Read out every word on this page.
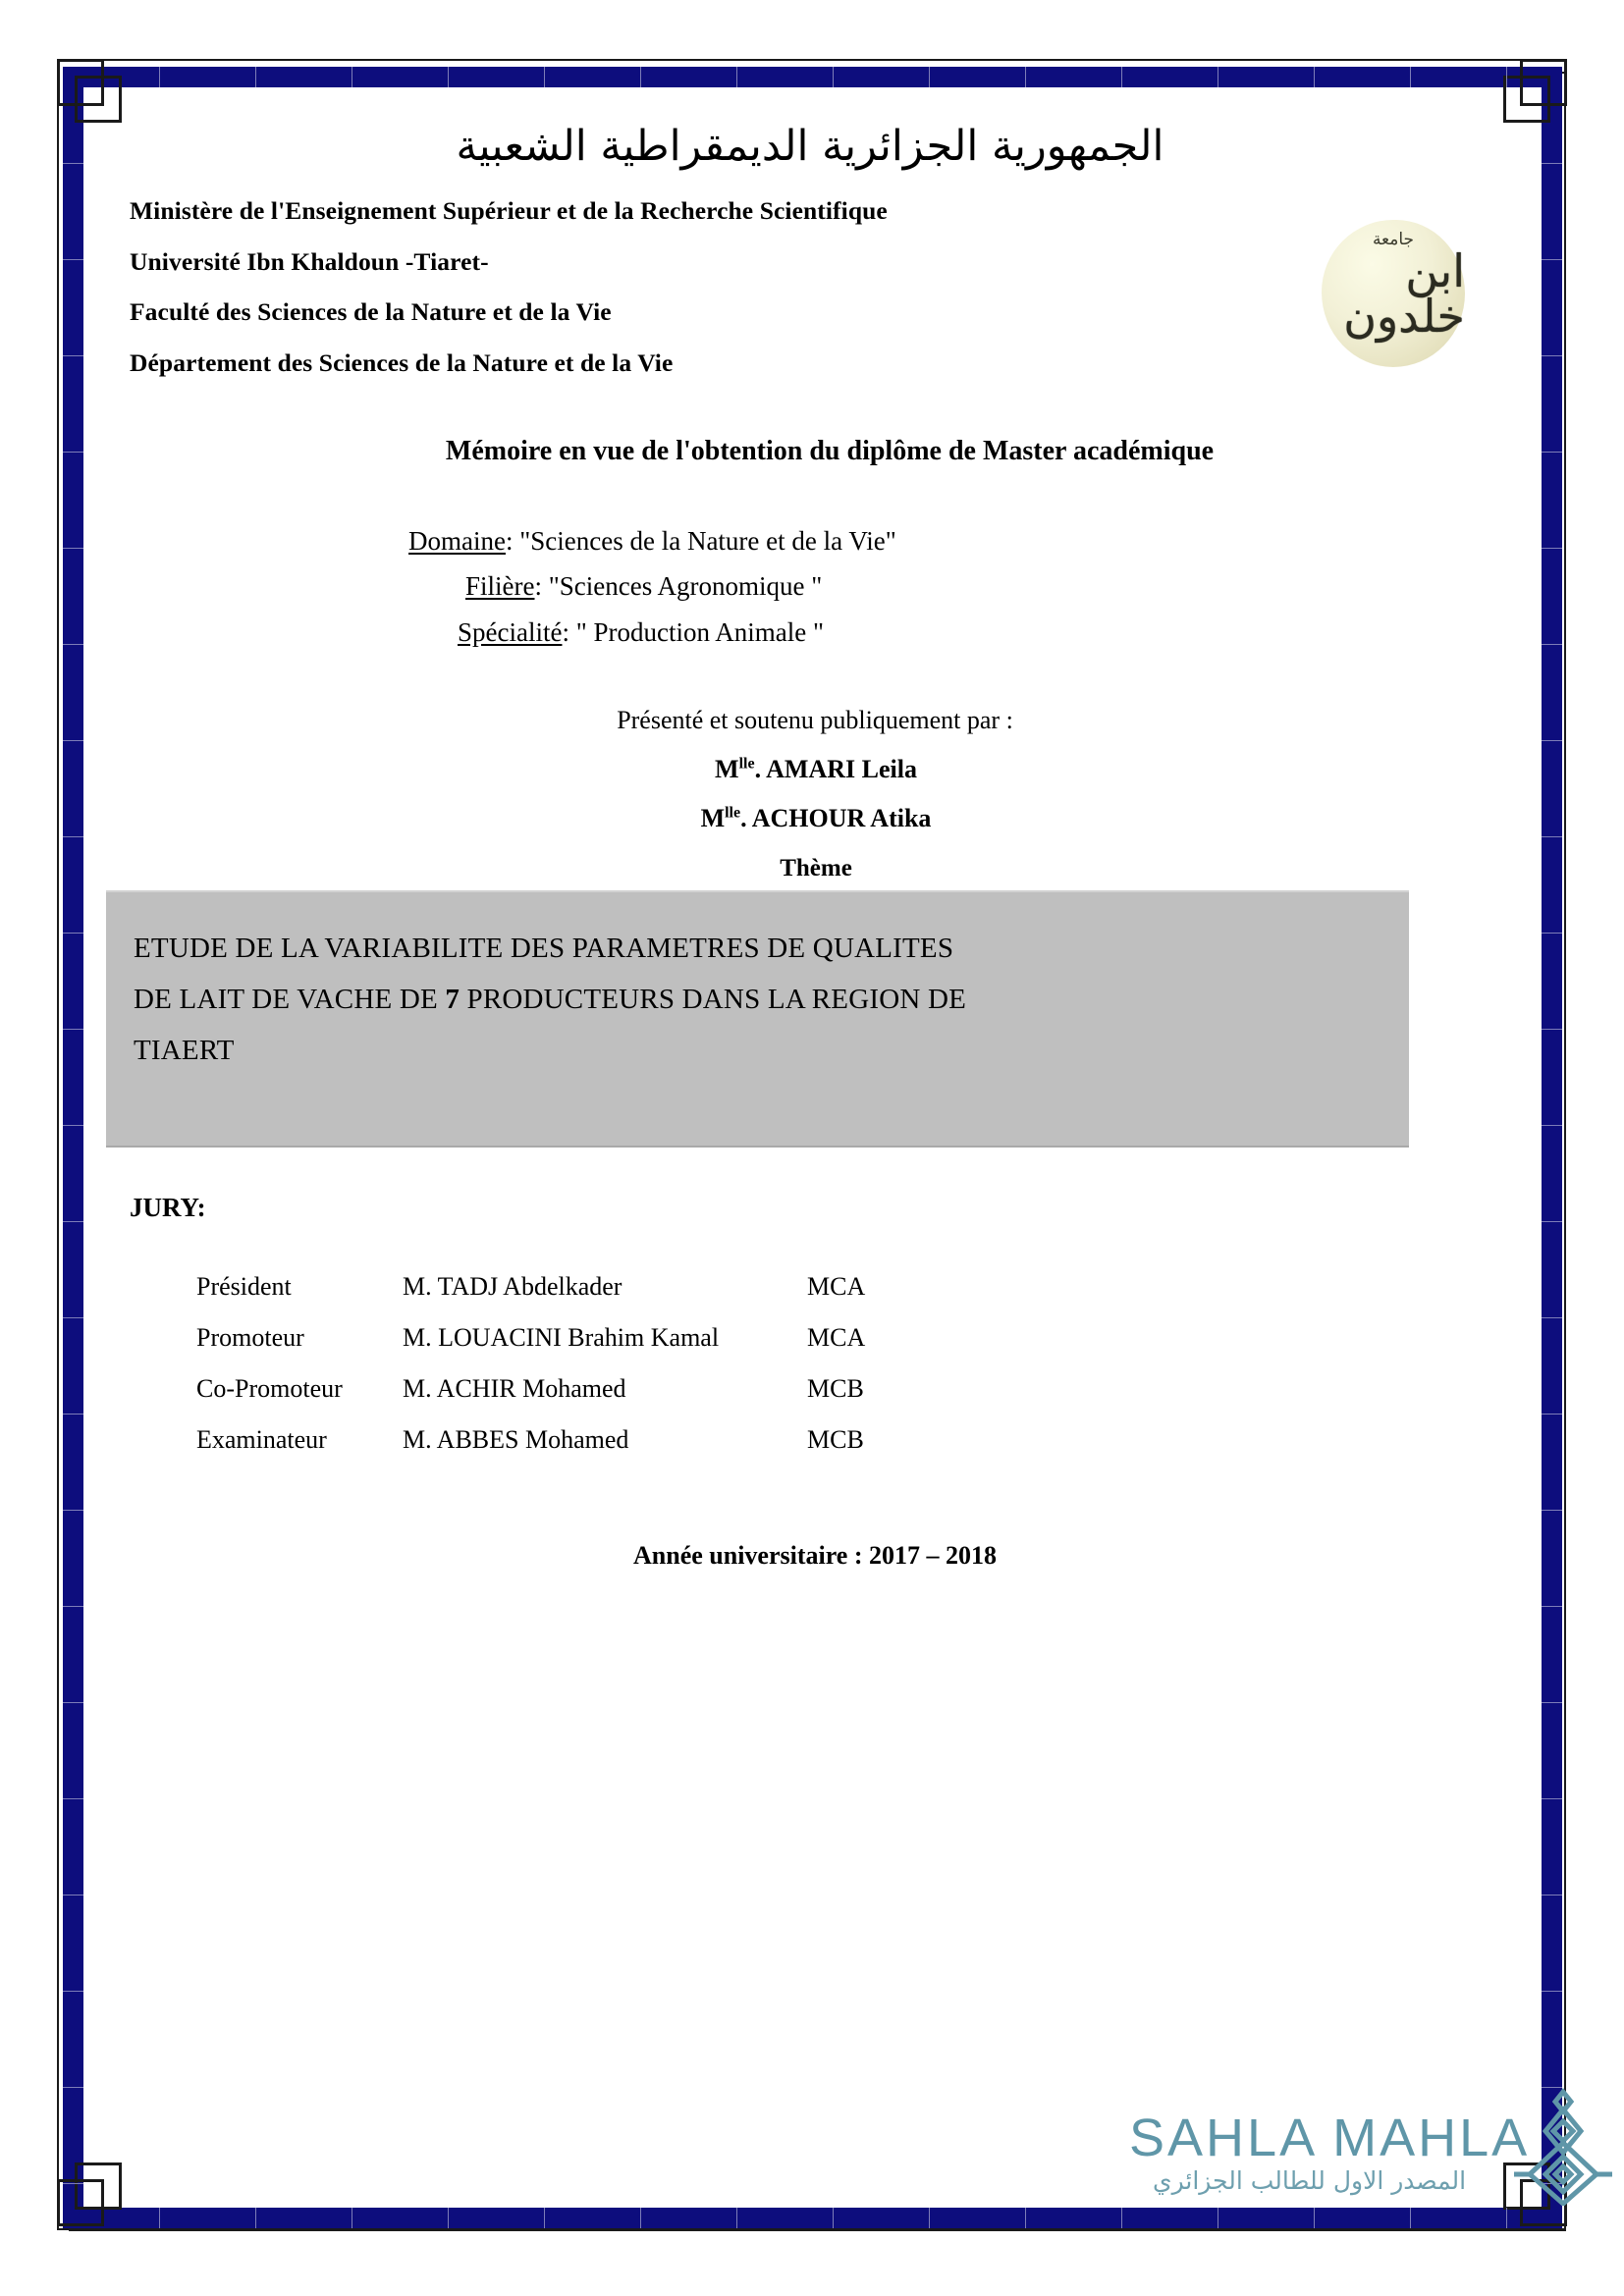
جامعة
ابن خلدون
الجمهورية الجزائرية الديمقراطية الشعبية
Ministère de l'Enseignement Supérieur et de la Recherche Scientifique
Université Ibn Khaldoun -Tiaret-
Faculté des Sciences de la Nature et de la Vie
Département des Sciences de la Nature et de la Vie
Mémoire en vue de l'obtention du diplôme de Master académique
Domaine: "Sciences de la Nature et de la Vie"
Filière: "Sciences Agronomique "
Spécialité: " Production Animale "
Présenté et soutenu publiquement par :
$M^{lle}$. AMARI Leila
$M^{lle}$. ACHOUR Atika
Thème
ETUDE DE LA VARIABILITE DES PARAMETRES DE QUALITES
DE LAIT DE VACHE DE 7 PRODUCTEURS DANS LA REGION DE
TIAERT
JURY:
Président	M. TADJ Abdelkader	MCA
Promoteur	M. LOUACINI Brahim Kamal	MCA
Co-Promoteur	M. ACHIR Mohamed	MCB
Examinateur	M. ABBES Mohamed	MCB
Année universitaire : 2017 – 2018
SAHLA MAHLA
المصدر الاول للطالب الجزائري
